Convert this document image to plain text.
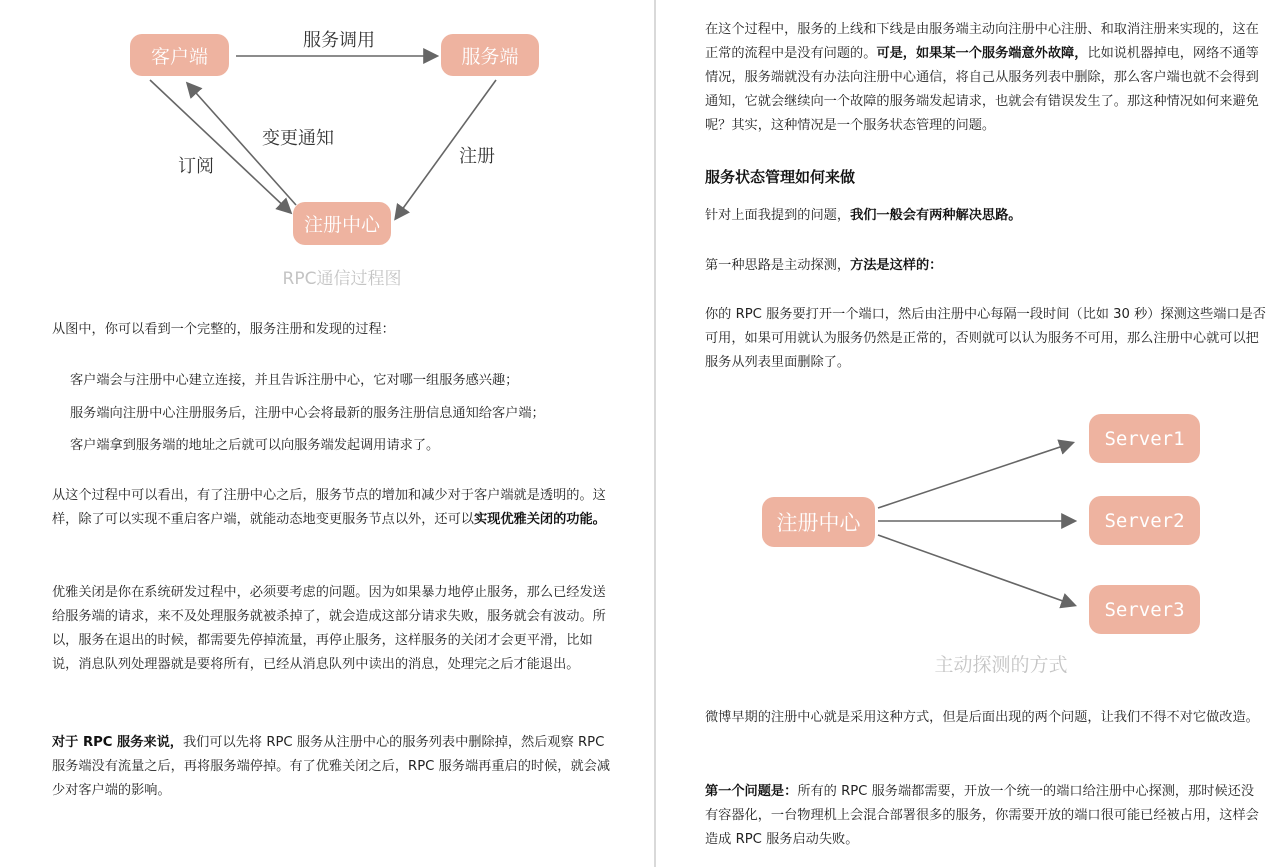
客户端	服务端
注册中心
服务调用
变更通知
订阅	注册
RPC通信过程图

从图中，你可以看到一个完整的，服务注册和发现的过程：

客户端会与注册中心建立连接，并且告诉注册中心，它对哪一组服务感兴趣；

服务端向注册中心注册服务后，注册中心会将最新的服务注册信息通知给客户端；

客户端拿到服务端的地址之后就可以向服务端发起调用请求了。

从这个过程中可以看出，有了注册中心之后，服务节点的增加和减少对于客户端就是透明的。这样，除了可以实现不重启客户端，就能动态地变更服务节点以外，还可以实现优雅关闭的功能。

优雅关闭是你在系统研发过程中，必须要考虑的问题。因为如果暴力地停止服务，那么已经发送给服务端的请求，来不及处理服务就被杀掉了，就会造成这部分请求失败，服务就会有波动。所以，服务在退出的时候，都需要先停掉流量，再停止服务，这样服务的关闭才会更平滑，比如说，消息队列处理器就是要将所有，已经从消息队列中读出的消息，处理完之后才能退出。

对于 RPC 服务来说，我们可以先将 RPC 服务从注册中心的服务列表中删除掉，然后观察 RPC 服务端没有流量之后，再将服务端停掉。有了优雅关闭之后，RPC 服务端再重启的时候，就会减少对客户端的影响。

在这个过程中，服务的上线和下线是由服务端主动向注册中心注册、和取消注册来实现的，这在正常的流程中是没有问题的。可是，如果某一个服务端意外故障，比如说机器掉电，网络不通等情况，服务端就没有办法向注册中心通信，将自己从服务列表中删除，那么客户端也就不会得到通知，它就会继续向一个故障的服务端发起请求，也就会有错误发生了。那这种情况如何来避免呢？其实，这种情况是一个服务状态管理的问题。

服务状态管理如何来做

针对上面我提到的问题，我们一般会有两种解决思路。

第一种思路是主动探测，方法是这样的：

你的 RPC 服务要打开一个端口，然后由注册中心每隔一段时间（比如 30 秒）探测这些端口是否可用，如果可用就认为服务仍然是正常的，否则就可以认为服务不可用，那么注册中心就可以把服务从列表里面删除了。

注册中心
Server1
Server2
Server3
主动探测的方式

微博早期的注册中心就是采用这种方式，但是后面出现的两个问题，让我们不得不对它做改造。

第一个问题是：所有的 RPC 服务端都需要，开放一个统一的端口给注册中心探测，那时候还没有容器化，一台物理机上会混合部署很多的服务，你需要开放的端口很可能已经被占用，这样会造成 RPC 服务启动失败。
